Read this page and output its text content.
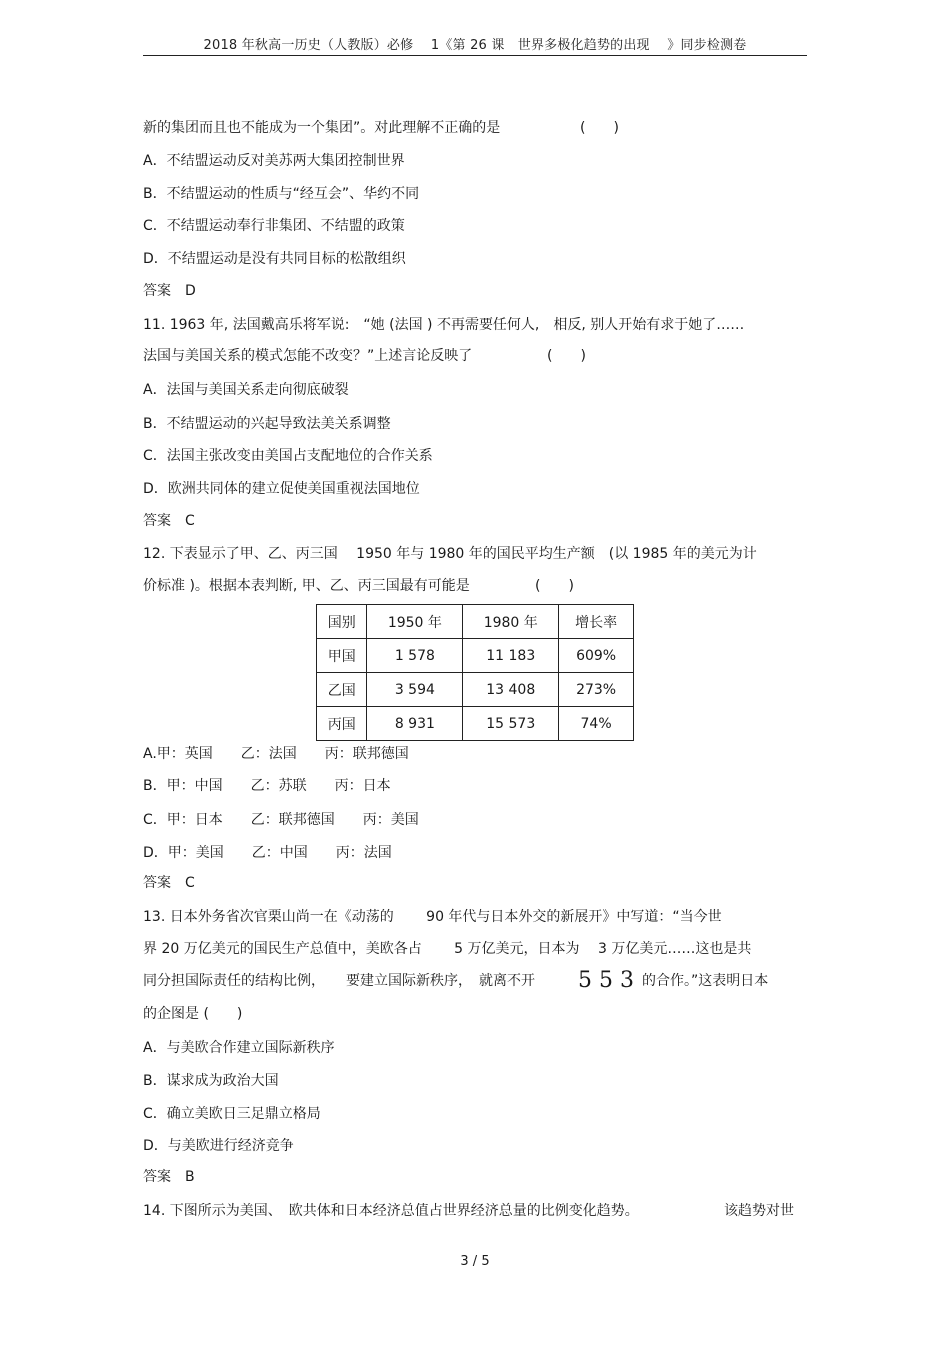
2018 年秋高一历史（人教版）必修　 1《第 26 课　世界多极化趋势的出现　 》同步检测卷
新的集团而且也不能成为一个集团”。对此理解不正确的是	(　　)
A．不结盟运动反对美苏两大集团控制世界
B．不结盟运动的性质与“经互会”、华约不同
C．不结盟运动奉行非集团、不结盟的政策
D．不结盟运动是没有共同目标的松散组织
答案　D
11. 1963 年, 法国戴高乐将军说:　“她 (法国 ) 不再需要任何人,　相反, 别人开始有求于她了……
法国与美国关系的模式怎能不改变？”上述言论反映了	(　　)
A．法国与美国关系走向彻底破裂
B．不结盟运动的兴起导致法美关系调整
C．法国主张改变由美国占支配地位的合作关系
D．欧洲共同体的建立促使美国重视法国地位
答案　C
12. 下表显示了甲、乙、丙三国　 1950 年与 1980 年的国民平均生产额　(以 1985 年的美元为计
价标准 )。根据本表判断, 甲、乙、丙三国最有可能是	(　　)
国别	1950 年	1980 年	增长率
甲国	1 578	11 183	609%
乙国	3 594	13 408	273%
丙国	8 931	15 573	74%
A.甲：英国　　乙：法国　　丙：联邦德国
B．甲：中国　　乙：苏联　　丙：日本
C．甲：日本　　乙：联邦德国　　丙：美国
D．甲：美国　　乙：中国　　丙：法国
答案　C
13. 日本外务省次官栗山尚一在《动荡的　　 90 年代与日本外交的新展开》中写道：“当今世
界 20 万亿美元的国民生产总值中，美欧各占　　 5 万亿美元，日本为　 3 万亿美元……这也是共
同分担国际责任的结构比例，　　要建立国际新秩序，　就离不开 5 5 3 的合作。”这表明日本
的企图是 (　　)
A．与美欧合作建立国际新秩序
B．谋求成为政治大国
C．确立美欧日三足鼎立格局
D．与美欧进行经济竞争
答案　B
14. 下图所示为美国、　欧共体和日本经济总值占世界经济总量的比例变化趋势。	该趋势对世
3 / 5
